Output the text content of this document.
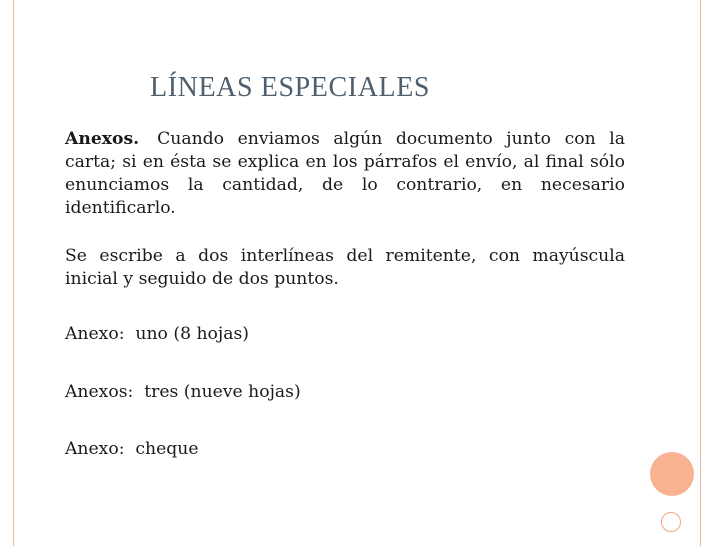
LÍNEAS ESPECIALES
Anexos. Cuando enviamos algún documento junto con la carta; si en ésta se explica en los párrafos el envío, al final sólo enunciamos la cantidad, de lo contrario, en necesario identificarlo.
Se escribe a dos interlíneas del remitente, con mayúscula inicial y seguido de dos puntos.
Anexo:  uno (8 hojas)
Anexos:  tres (nueve hojas)
Anexo:  cheque
